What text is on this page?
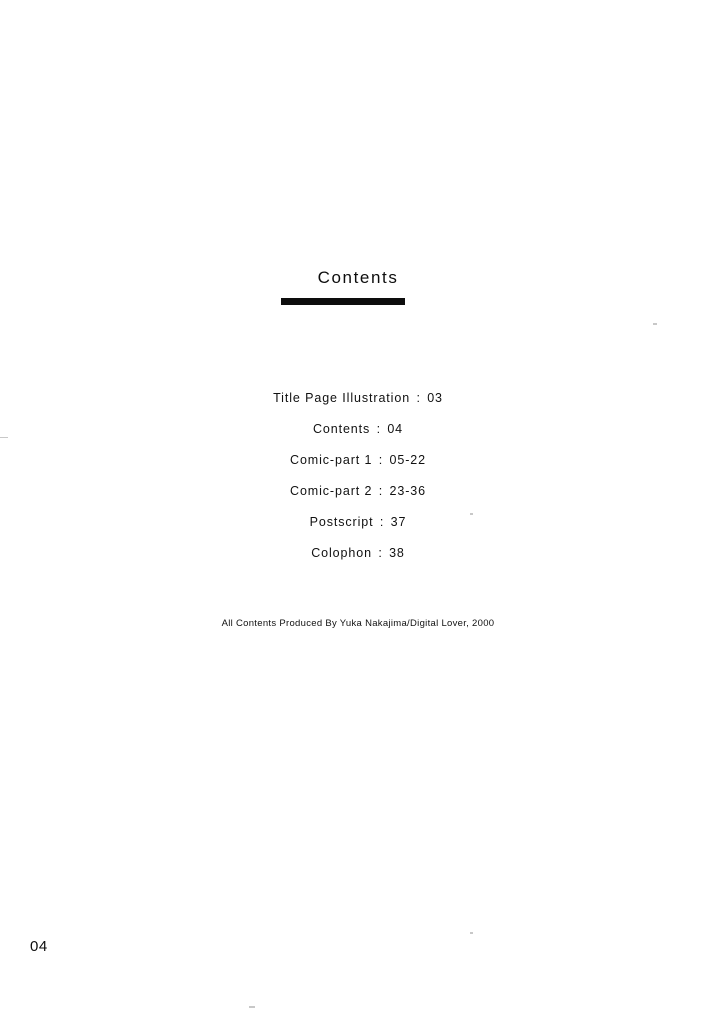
Contents
Title Page Illustration : 03
Contents : 04
Comic-part 1 : 05-22
Comic-part 2 : 23-36
Postscript : 37
Colophon : 38
All Contents Produced By Yuka Nakajima/Digital Lover, 2000
04
